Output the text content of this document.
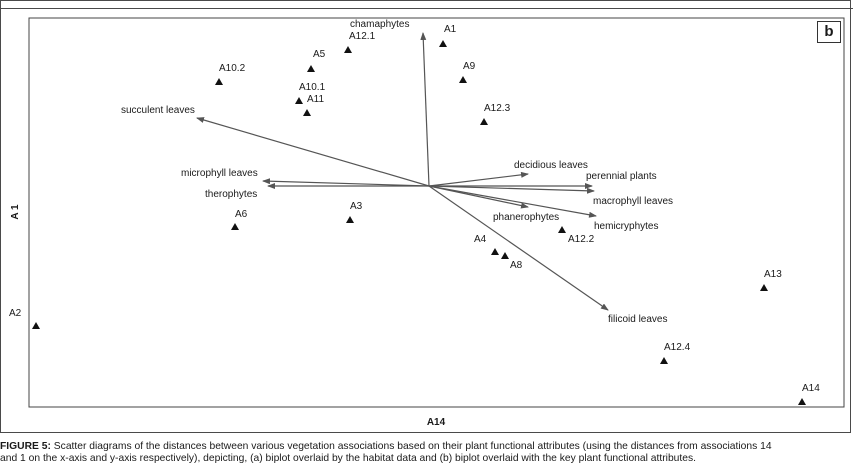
chamaphytes
succulent leaves
microphyll leaves
therophytes
decidious leaves
perennial plants
macrophyll leaves
phanerophytes
hemicryphytes
filicoid leaves
A1
A2
A3
A4
A5
A6
A8
A9
A10.1
A10.2
A11
A12.1
A12.2
A12.3
A12.4
A13
A14
A14
A 1
b
FIGURE 5: Scatter diagrams of the distances between various vegetation associations based on their plant functional attributes (using the distances from associations 14
and 1 on the x-axis and y-axis respectively), depicting, (a) biplot overlaid by the habitat data and (b) biplot overlaid with the key plant functional attributes.
